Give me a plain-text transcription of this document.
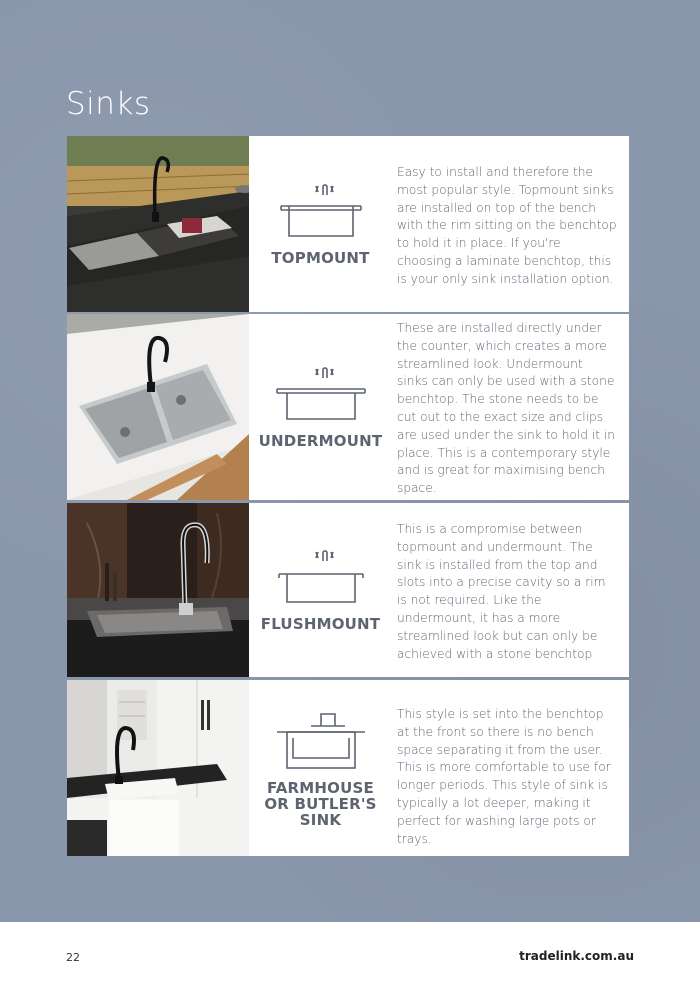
Sinks
TOPMOUNT
Easy to install and therefore the most popular style. Topmount sinks are installed on top of the bench with the rim sitting on the benchtop to hold it in place. If you're choosing a laminate benchtop, this is your only sink installation option.
UNDERMOUNT
These are installed directly under the counter, which creates a more streamlined look. Undermount sinks can only be used with a stone benchtop. The stone needs to be cut out to the exact size and clips are used under the sink to hold it in place. This is a contemporary style and is great for maximising bench space.
FLUSHMOUNT
This is a compromise between topmount and undermount. The sink is installed from the top and slots into a precise cavity so a rim is not required. Like the undermount, it has a more streamlined look but can only be achieved with a stone benchtop
FARMHOUSE
OR BUTLER'S
SINK
This style is set into the benchtop at the front so there is no bench space separating it from the user. This is more comfortable to use for longer periods. This style of sink is typically a lot deeper, making it perfect for washing large pots or trays.
22	tradelink.com.au
